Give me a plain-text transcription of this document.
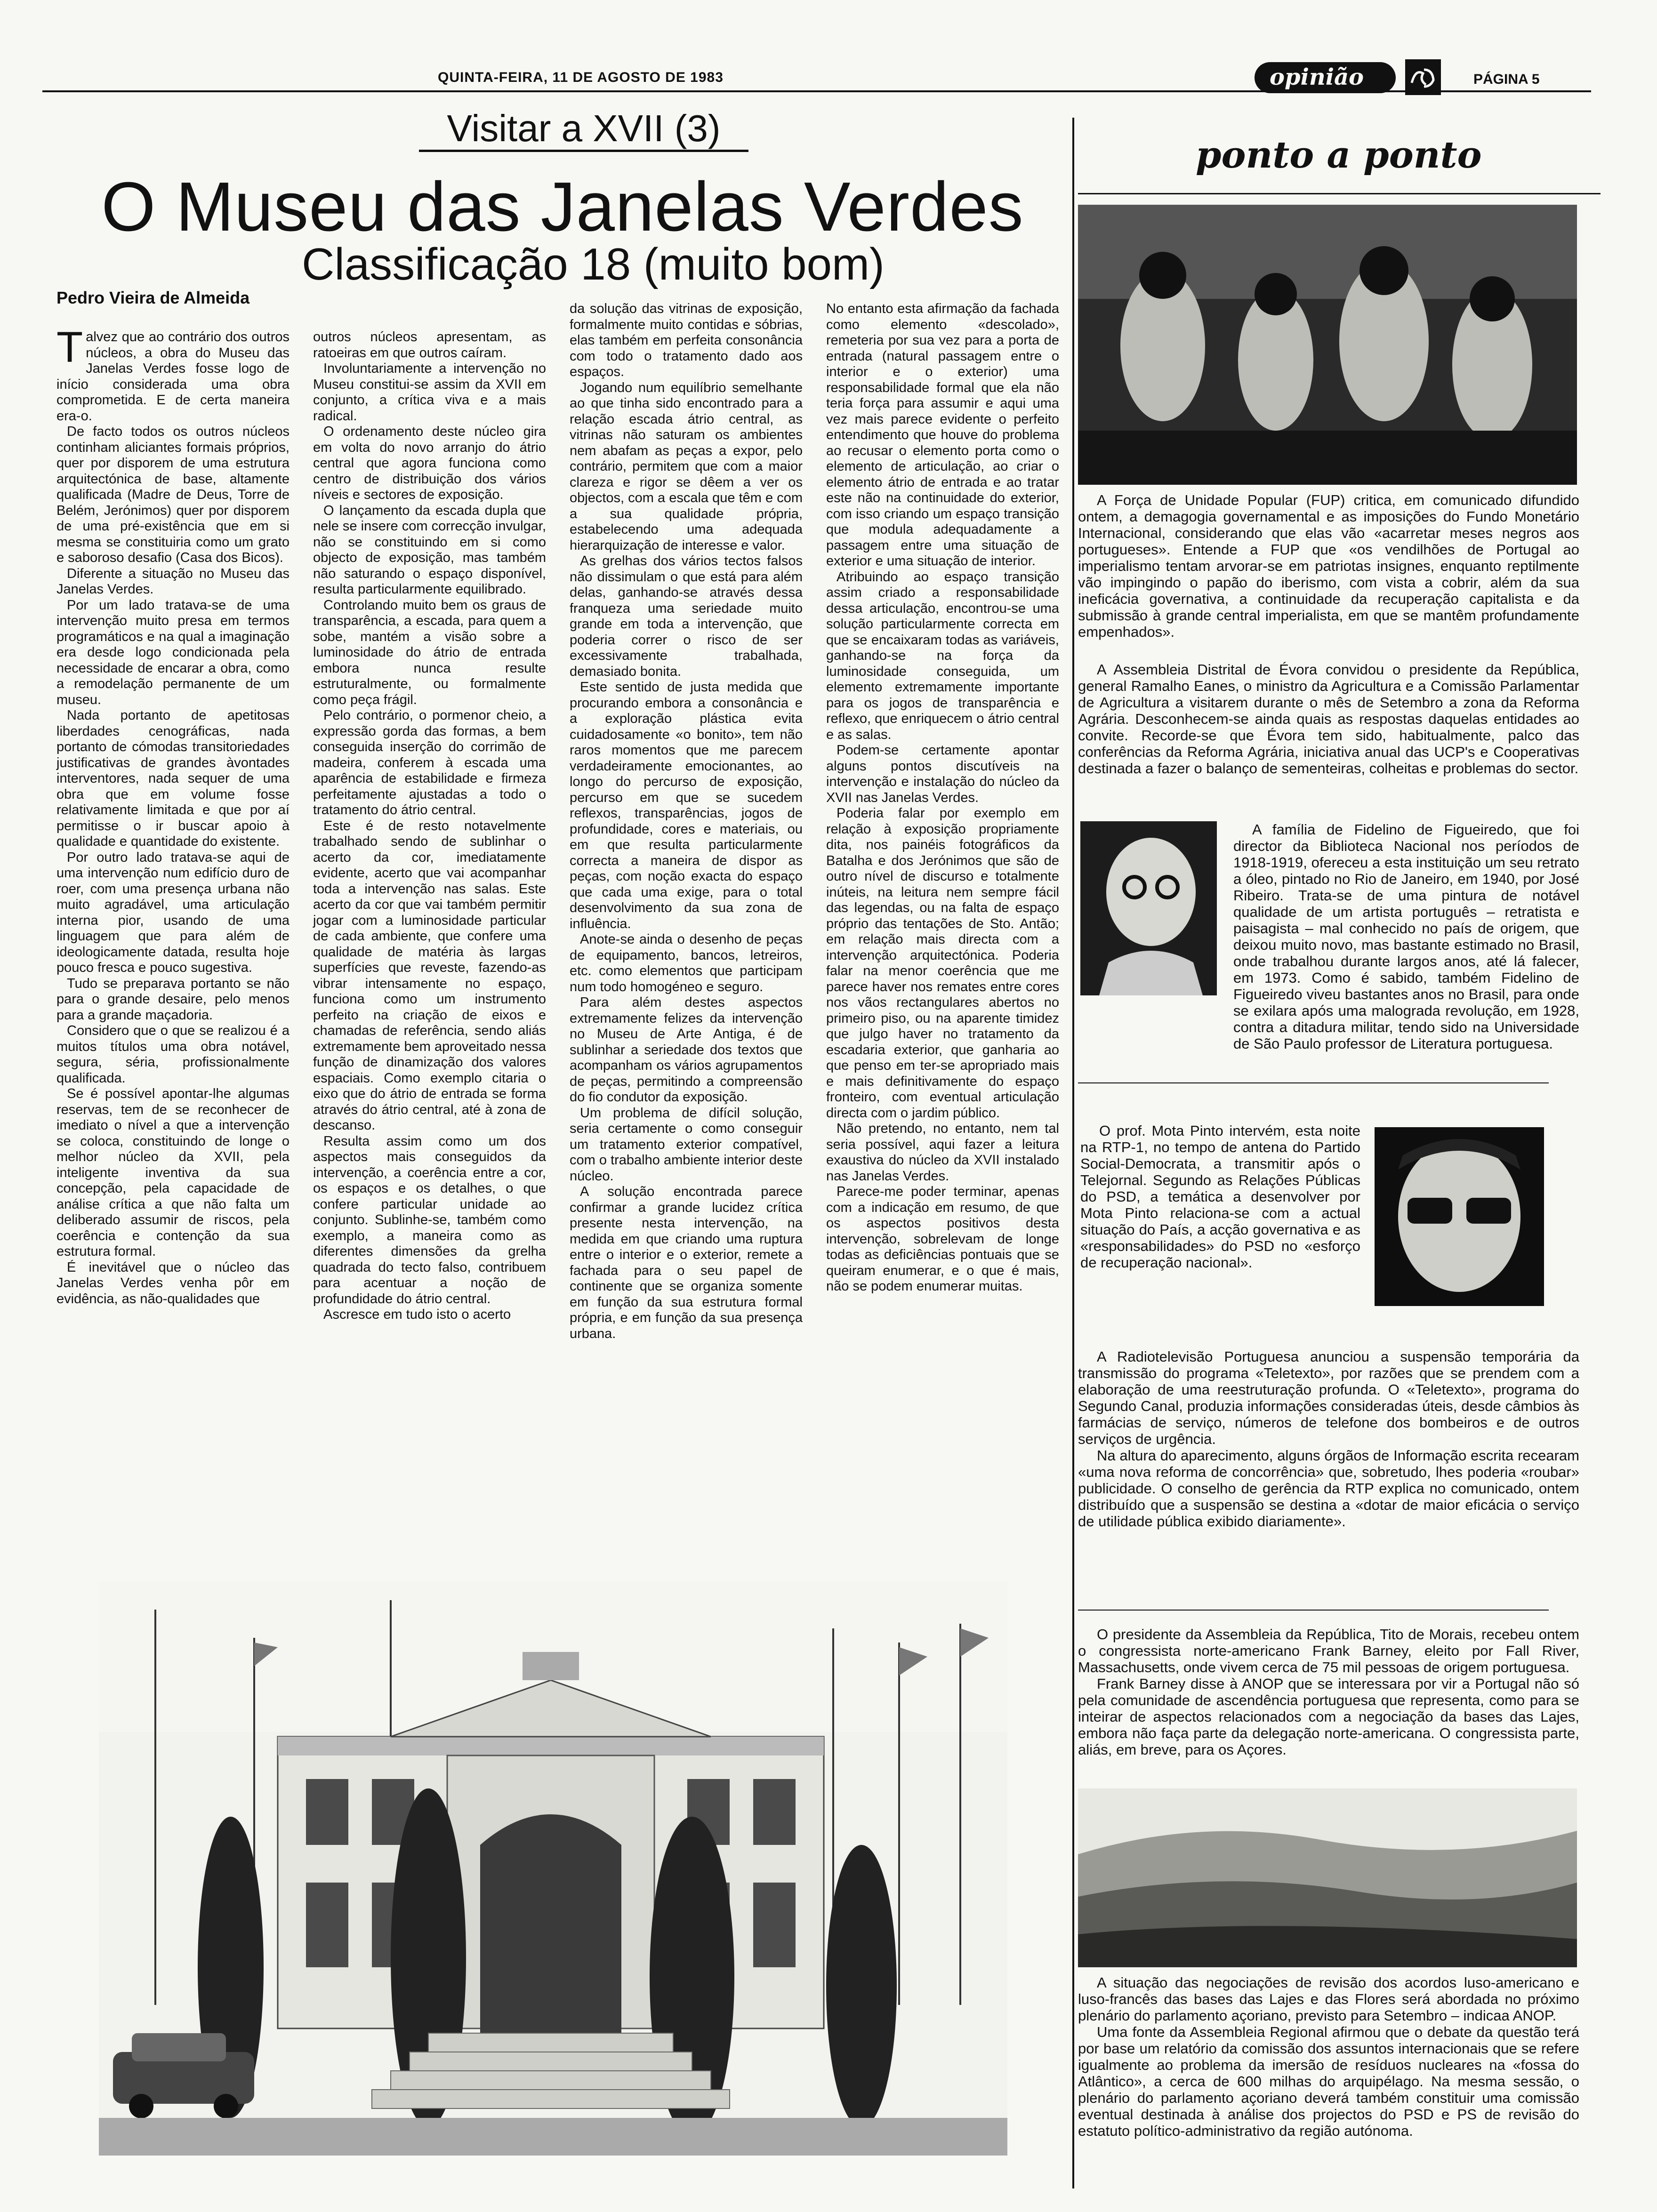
QUINTA-FEIRA, 11 DE AGOSTO DE 1983	opinião	PÁGINA 5
Visitar a XVII (3)
O Museu das Janelas Verdes
Classificação 18 (muito bom)
Pedro Vieira de Almeida

Talvez que ao contrário dos outros núcleos, a obra do Museu das Janelas Verdes fosse logo de início considerada uma obra comprometida. E de certa maneira era-o.

De facto todos os outros núcleos continham aliciantes formais próprios, quer por disporem de uma estrutura arquitectónica de base, altamente qualificada (Madre de Deus, Torre de Belém, Jerónimos) quer por disporem de uma pré-existência que em si mesma se constituiria como um grato e saboroso desafio (Casa dos Bicos).

Diferente a situação no Museu das Janelas Verdes.

Por um lado tratava-se de uma intervenção muito presa em termos programáticos e na qual a imaginação era desde logo condicionada pela necessidade de encarar a obra, como a remodelação permanente de um museu.

Nada portanto de apetitosas liberdades cenográficas, nada portanto de cómodas transitoriedades justificativas de grandes àvontades interventores, nada sequer de uma obra que em volume fosse relativamente limitada e que por aí permitisse o ir buscar apoio à qualidade e quantidade do existente.

Por outro lado tratava-se aqui de uma intervenção num edifício duro de roer, com uma presença urbana não muito agradável, uma articulação interna pior, usando de uma linguagem que para além de ideologicamente datada, resulta hoje pouco fresca e pouco sugestiva.

Tudo se preparava portanto se não para o grande desaire, pelo menos para a grande maçadoria.

Considero que o que se realizou é a muitos títulos uma obra notável, segura, séria, profissionalmente qualificada.

Se é possível apontar-lhe algumas reservas, tem de se reconhecer de imediato o nível a que a intervenção se coloca, constituindo de longe o melhor núcleo da XVII, pela inteligente inventiva da sua concepção, pela capacidade de análise crítica a que não falta um deliberado assumir de riscos, pela coerência e contenção da sua estrutura formal.

É inevitável que o núcleo das Janelas Verdes venha pôr em evidência, as não-qualidades que

outros núcleos apresentam, as ratoeiras em que outros caíram.

Involuntariamente a intervenção no Museu constitui-se assim da XVII em conjunto, a crítica viva e a mais radical.

O ordenamento deste núcleo gira em volta do novo arranjo do átrio central que agora funciona como centro de distribuição dos vários níveis e sectores de exposição.

O lançamento da escada dupla que nele se insere com correcção invulgar, não se constituindo em si como objecto de exposição, mas também não saturando o espaço disponível, resulta particularmente equilibrado.

Controlando muito bem os graus de transparência, a escada, para quem a sobe, mantém a visão sobre a luminosidade do átrio de entrada embora nunca resulte estruturalmente, ou formalmente como peça frágil.

Pelo contrário, o pormenor cheio, a expressão gorda das formas, a bem conseguida inserção do corrimão de madeira, conferem à escada uma aparência de estabilidade e firmeza perfeitamente ajustadas a todo o tratamento do átrio central.

Este é de resto notavelmente trabalhado sendo de sublinhar o acerto da cor, imediatamente evidente, acerto que vai acompanhar toda a intervenção nas salas. Este acerto da cor que vai também permitir jogar com a luminosidade particular de cada ambiente, que confere uma qualidade de matéria às largas superfícies que reveste, fazendo-as vibrar intensamente no espaço, funciona como um instrumento perfeito na criação de eixos e chamadas de referência, sendo aliás extremamente bem aproveitado nessa função de dinamização dos valores espaciais. Como exemplo citaria o eixo que do átrio de entrada se forma através do átrio central, até à zona de descanso.

Resulta assim como um dos aspectos mais conseguidos da intervenção, a coerência entre a cor, os espaços e os detalhes, o que confere particular unidade ao conjunto. Sublinhe-se, também como exemplo, a maneira como as diferentes dimensões da grelha quadrada do tecto falso, contribuem para acentuar a noção de profundidade do átrio central.

Ascresce em tudo isto o acerto

da solução das vitrinas de exposição, formalmente muito contidas e sóbrias, elas também em perfeita consonância com todo o tratamento dado aos espaços.

Jogando num equilíbrio semelhante ao que tinha sido encontrado para a relação escada átrio central, as vitrinas não saturam os ambientes nem abafam as peças a expor, pelo contrário, permitem que com a maior clareza e rigor se dêem a ver os objectos, com a escala que têm e com a sua qualidade própria, estabelecendo uma adequada hierarquização de interesse e valor.

As grelhas dos vários tectos falsos não dissimulam o que está para além delas, ganhando-se através dessa franqueza uma seriedade muito grande em toda a intervenção, que poderia correr o risco de ser excessivamente trabalhada, demasiado bonita.

Este sentido de justa medida que procurando embora a consonância e a exploração plástica evita cuidadosamente «o bonito», tem não raros momentos que me parecem verdadeiramente emocionantes, ao longo do percurso de exposição, percurso em que se sucedem reflexos, transparências, jogos de profundidade, cores e materiais, ou em que resulta particularmente correcta a maneira de dispor as peças, com noção exacta do espaço que cada uma exige, para o total desenvolvimento da sua zona de influência.

Anote-se ainda o desenho de peças de equipamento, bancos, letreiros, etc. como elementos que participam num todo homogéneo e seguro.

Para além destes aspectos extremamente felizes da intervenção no Museu de Arte Antiga, é de sublinhar a seriedade dos textos que acompanham os vários agrupamentos de peças, permitindo a compreensão do fio condutor da exposição.

Um problema de difícil solução, seria certamente o como conseguir um tratamento exterior compatível, com o trabalho ambiente interior deste núcleo.

A solução encontrada parece confirmar a grande lucidez crítica presente nesta intervenção, na medida em que criando uma ruptura entre o interior e o exterior, remete a fachada para o seu papel de continente que se organiza somente em função da sua estrutura formal própria, e em função da sua presença urbana.

No entanto esta afirmação da fachada como elemento «descolado», remeteria por sua vez para a porta de entrada (natural passagem entre o interior e o exterior) uma responsabilidade formal que ela não teria força para assumir e aqui uma vez mais parece evidente o perfeito entendimento que houve do problema ao recusar o elemento porta como o elemento de articulação, ao criar o elemento átrio de entrada e ao tratar este não na continuidade do exterior, com isso criando um espaço transição que modula adequadamente a passagem entre uma situação de exterior e uma situação de interior.

Atribuindo ao espaço transição assim criado a responsabilidade dessa articulação, encontrou-se uma solução particularmente correcta em que se encaixaram todas as variáveis, ganhando-se na força da luminosidade conseguida, um elemento extremamente importante para os jogos de transparência e reflexo, que enriquecem o átrio central e as salas.

Podem-se certamente apontar alguns pontos discutíveis na intervenção e instalação do núcleo da XVII nas Janelas Verdes.

Poderia falar por exemplo em relação à exposição propriamente dita, nos painéis fotográficos da Batalha e dos Jerónimos que são de outro nível de discurso e totalmente inúteis, na leitura nem sempre fácil das legendas, ou na falta de espaço próprio das tentações de Sto. Antão; em relação mais directa com a intervenção arquitectónica. Poderia falar na menor coerência que me parece haver nos remates entre cores nos vãos rectangulares abertos no primeiro piso, ou na aparente timidez que julgo haver no tratamento da escadaria exterior, que ganharia ao que penso em ter-se apropriado mais e mais definitivamente do espaço fronteiro, com eventual articulação directa com o jardim público.

Não pretendo, no entanto, nem tal seria possível, aqui fazer a leitura exaustiva do núcleo da XVII instalado nas Janelas Verdes.

Parece-me poder terminar, apenas com a indicação em resumo, de que os aspectos positivos desta intervenção, sobrelevam de longe todas as deficiências pontuais que se queiram enumerar, e o que é mais, não se podem enumerar muitas.

ponto a ponto

A Força de Unidade Popular (FUP) critica, em comunicado difundido ontem, a demagogia governamental e as imposições do Fundo Monetário Internacional, considerando que elas vão «acarretar meses negros aos portugueses». Entende a FUP que «os vendilhões de Portugal ao imperialismo tentam arvorar-se em patriotas insignes, enquanto reptilmente vão impingindo o papão do iberismo, com vista a cobrir, além da sua ineficácia governativa, a continuidade da recuperação capitalista e da submissão à grande central imperialista, em que se mantêm profundamente empenhados».

A Assembleia Distrital de Évora convidou o presidente da República, general Ramalho Eanes, o ministro da Agricultura e a Comissão Parlamentar de Agricultura a visitarem durante o mês de Setembro a zona da Reforma Agrária. Desconhecem-se ainda quais as respostas daquelas entidades ao convite. Recorde-se que Évora tem sido, habitualmente, palco das conferências da Reforma Agrária, iniciativa anual das UCP's e Cooperativas destinada a fazer o balanço de sementeiras, colheitas e problemas do sector.

A família de Fidelino de Figueiredo, que foi director da Biblioteca Nacional nos períodos de 1918-1919, ofereceu a esta instituição um seu retrato a óleo, pintado no Rio de Janeiro, em 1940, por José Ribeiro. Trata-se de uma pintura de notável qualidade de um artista português – retratista e paisagista – mal conhecido no país de origem, que deixou muito novo, mas bastante estimado no Brasil, onde trabalhou durante largos anos, até lá falecer, em 1973. Como é sabido, também Fidelino de Figueiredo viveu bastantes anos no Brasil, para onde se exilara após uma malograda revolução, em 1928, contra a ditadura militar, tendo sido na Universidade de São Paulo professor de Literatura portuguesa.

O prof. Mota Pinto intervém, esta noite na RTP-1, no tempo de antena do Partido Social-Democrata, a transmitir após o Telejornal. Segundo as Relações Públicas do PSD, a temática a desenvolver por Mota Pinto relaciona-se com a actual situação do País, a acção governativa e as «responsabilidades» do PSD no «esforço de recuperação nacional».

A Radiotelevisão Portuguesa anunciou a suspensão temporária da transmissão do programa «Teletexto», por razões que se prendem com a elaboração de uma reestruturação profunda. O «Teletexto», programa do Segundo Canal, produzia informações consideradas úteis, desde câmbios às farmácias de serviço, números de telefone dos bombeiros e de outros serviços de urgência.

Na altura do aparecimento, alguns órgãos de Informação escrita recearam «uma nova reforma de concorrência» que, sobretudo, lhes poderia «roubar» publicidade. O conselho de gerência da RTP explica no comunicado, ontem distribuído que a suspensão se destina a «dotar de maior eficácia o serviço de utilidade pública exibido diariamente».

O presidente da Assembleia da República, Tito de Morais, recebeu ontem o congressista norte-americano Frank Barney, eleito por Fall River, Massachusetts, onde vivem cerca de 75 mil pessoas de origem portuguesa.

Frank Barney disse à ANOP que se interessara por vir a Portugal não só pela comunidade de ascendência portuguesa que representa, como para se inteirar de aspectos relacionados com a negociação da bases das Lajes, embora não faça parte da delegação norte-americana. O congressista parte, aliás, em breve, para os Açores.

A situação das negociações de revisão dos acordos luso-americano e luso-francês das bases das Lajes e das Flores será abordada no próximo plenário do parlamento açoriano, previsto para Setembro – indicaa ANOP.

Uma fonte da Assembleia Regional afirmou que o debate da questão terá por base um relatório da comissão dos assuntos internacionais que se refere igualmente ao problema da imersão de resíduos nucleares na «fossa do Atlântico», a cerca de 600 milhas do arquipélago. Na mesma sessão, o plenário do parlamento açoriano deverá também constituir uma comissão eventual destinada à análise dos projectos do PSD e PS de revisão do estatuto político-administrativo da região autónoma.
